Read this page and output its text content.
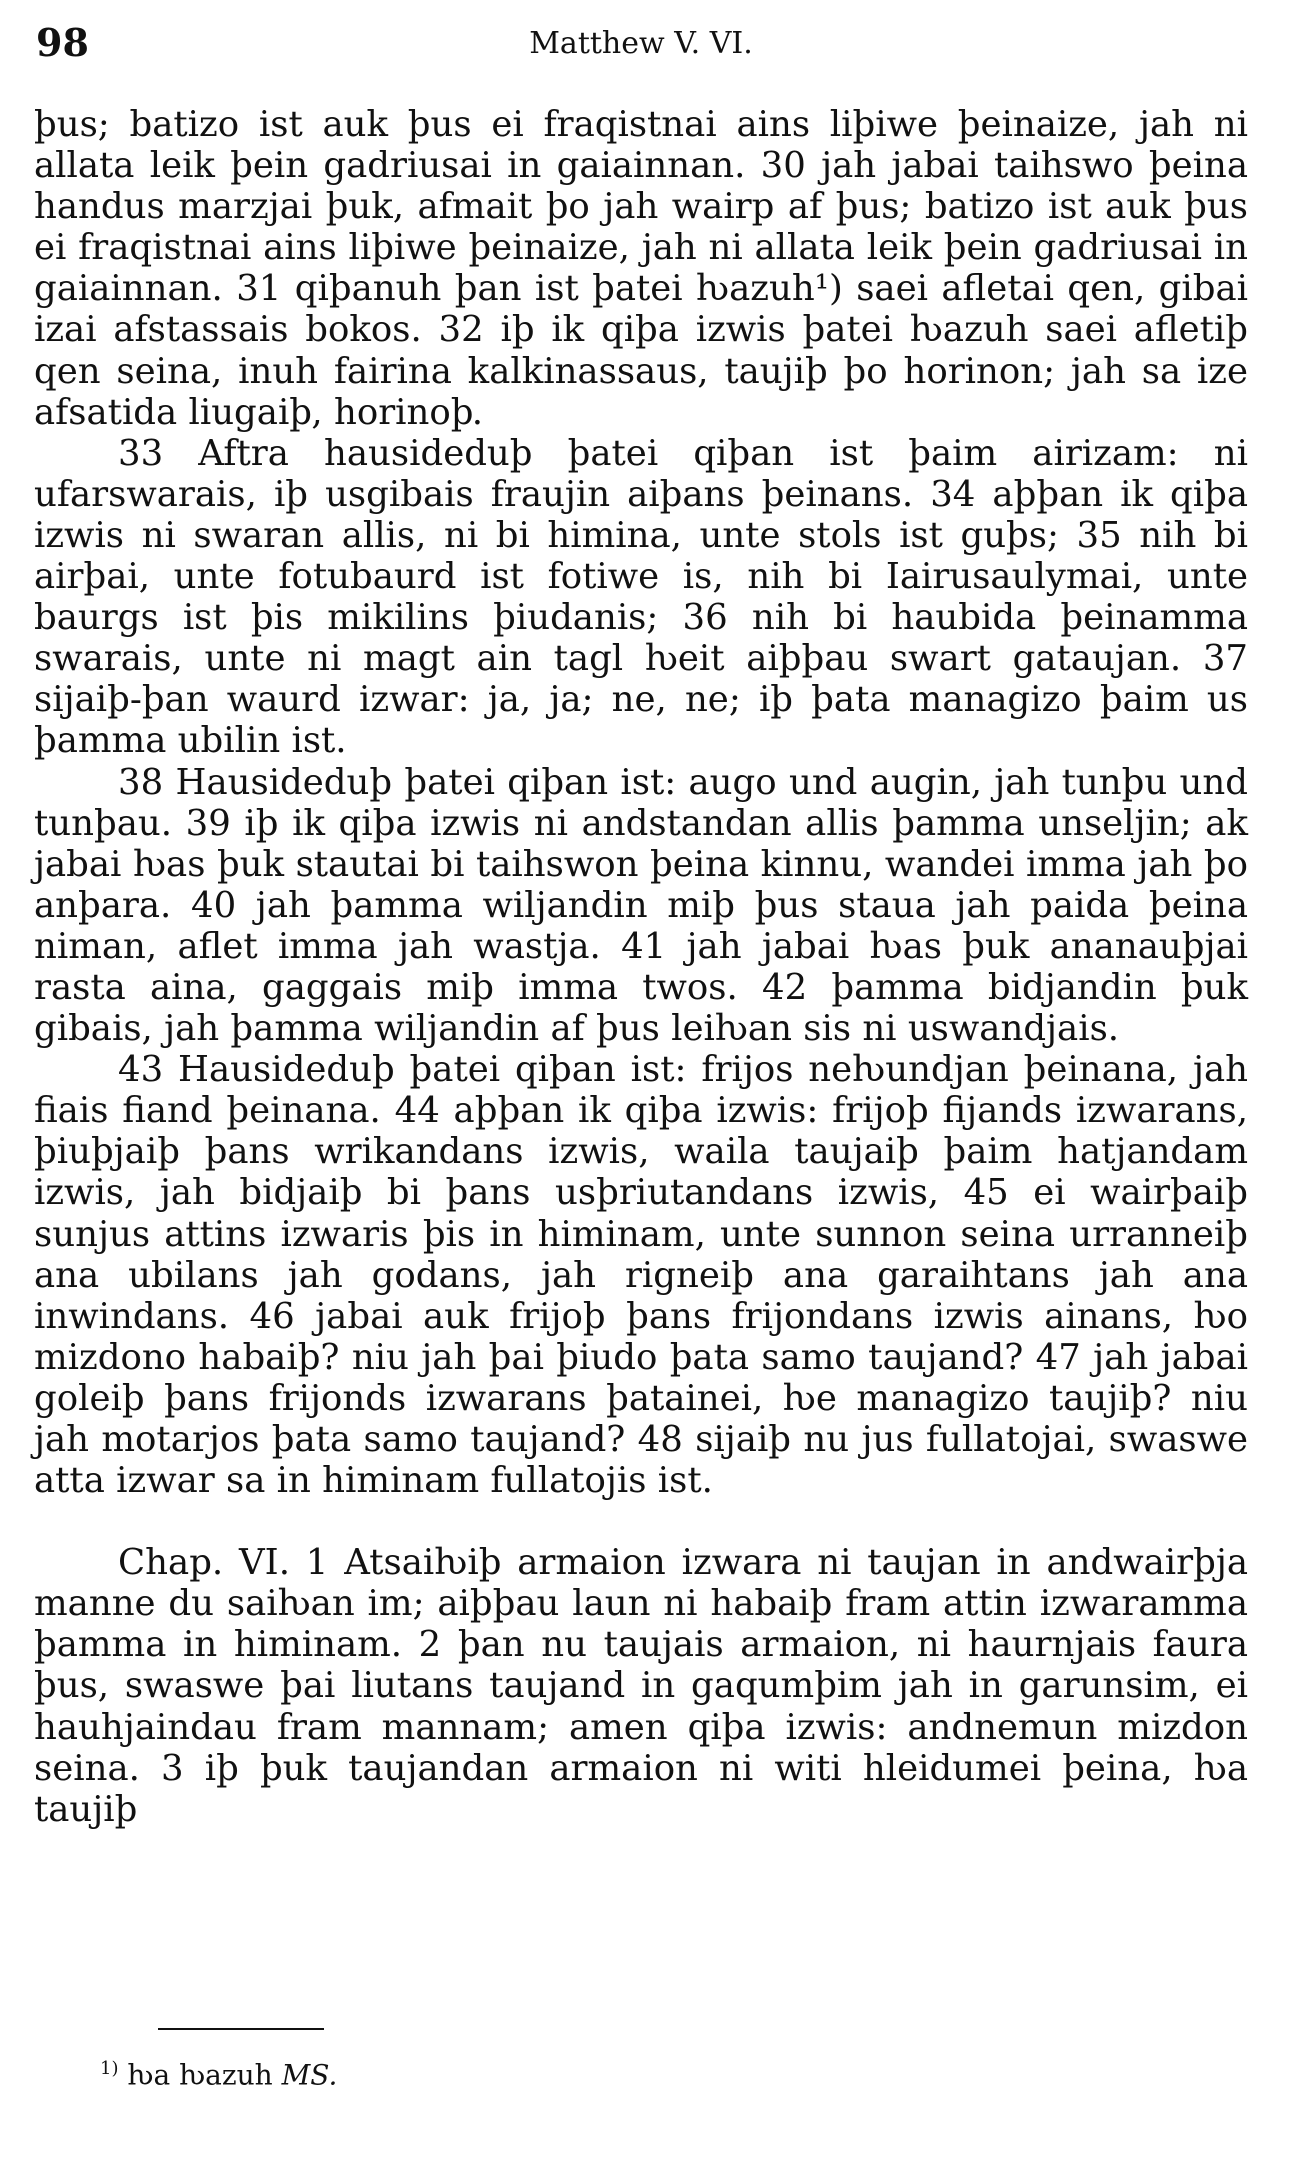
98	Matthew V. VI.

þus; batizo ist auk þus ei fraqistnai ains liþiwe þeinaize, jah ni allata leik þein gadriusai in gaiainnan. 30 jah jabai taihswo þeina handus marzjai þuk, afmait þo jah wairp af þus; batizo ist auk þus ei fraqistnai ains liþiwe þeinaize, jah ni allata leik þein gadriusai in gaiainnan. 31 qiþanuh þan ist þatei ƕazuh¹) saei afletai qen, gibai izai afstassais bokos. 32 iþ ik qiþa izwis þatei ƕazuh saei afletiþ qen seina, inuh fairina kalkinassaus, taujiþ þo horinon; jah sa ize afsatida liugaiþ, horinoþ.

33 Aftra hausideduþ þatei qiþan ist þaim airizam: ni ufarswarais, iþ usgibais fraujin aiþans þeinans. 34 aþþan ik qiþa izwis ni swaran allis, ni bi himina, unte stols ist guþs; 35 nih bi airþai, unte fotubaurd ist fotiwe is, nih bi Iairusaulymai, unte baurgs ist þis mikilins þiudanis; 36 nih bi haubida þeinamma swarais, unte ni magt ain tagl ƕeit aiþþau swart gataujan. 37 sijaiþ-þan waurd izwar: ja, ja; ne, ne; iþ þata managizo þaim us þamma ubilin ist.

38 Hausideduþ þatei qiþan ist: augo und augin, jah tunþu und tunþau. 39 iþ ik qiþa izwis ni andstandan allis þamma unseljin; ak jabai ƕas þuk stautai bi taihswon þeina kinnu, wandei imma jah þo anþara. 40 jah þamma wiljandin miþ þus staua jah paida þeina niman, aflet imma jah wastja. 41 jah jabai ƕas þuk ananauþjai rasta aina, gaggais miþ imma twos. 42 þamma bidjandin þuk gibais, jah þamma wiljandin af þus leiƕan sis ni uswandjais.

43 Hausideduþ þatei qiþan ist: frijos neƕundjan þeinana, jah fiais fiand þeinana. 44 aþþan ik qiþa izwis: frijoþ fijands izwarans, þiuþjaiþ þans wrikandans izwis, waila taujaiþ þaim hatjandam izwis, jah bidjaiþ bi þans usþriutandans izwis, 45 ei wairþaiþ sunjus attins izwaris þis in himinam, unte sunnon seina urranneiþ ana ubilans jah godans, jah rigneiþ ana garaihtans jah ana inwindans. 46 jabai auk frijoþ þans frijondans izwis ainans, ƕo mizdono habaiþ? niu jah þai þiudo þata samo taujand? 47 jah jabai goleiþ þans frijonds izwarans þatainei, ƕe managizo taujiþ? niu jah motarjos þata samo taujand? 48 sijaiþ nu jus fullatojai, swaswe atta izwar sa in himinam fullatojis ist.

Chap. VI. 1 Atsaiƕiþ armaion izwara ni taujan in andwairþja manne du saiƕan im; aiþþau laun ni habaiþ fram attin izwaramma þamma in himinam. 2 þan nu taujais armaion, ni haurnjais faura þus, swaswe þai liutans taujand in gaqumþim jah in garunsim, ei hauhjaindau fram mannam; amen qiþa izwis: andnemun mizdon seina. 3 iþ þuk taujandan armaion ni witi hleidumei þeina, ƕa taujiþ

$^{1)}$ ƕa ƕazuh MS.
